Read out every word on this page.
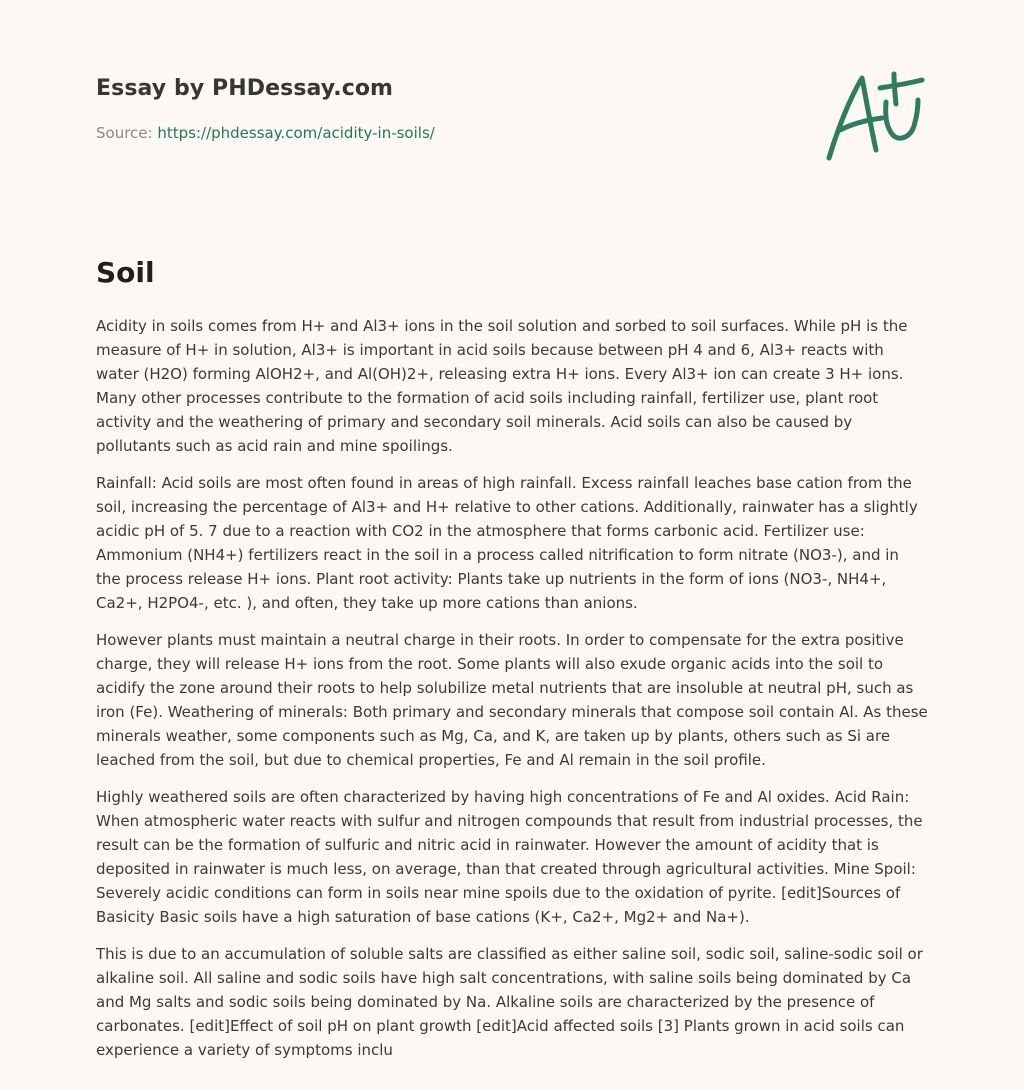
Essay by PHDessay.com
Source: https://phdessay.com/acidity-in-soils/
Soil

Acidity in soils comes from H+ and Al3+ ions in the soil solution and sorbed to soil surfaces. While pH is the measure of H+ in solution, Al3+ is important in acid soils because between pH 4 and 6, Al3+ reacts with water (H2O) forming AlOH2+, and Al(OH)2+, releasing extra H+ ions. Every Al3+ ion can create 3 H+ ions. Many other processes contribute to the formation of acid soils including rainfall, fertilizer use, plant root activity and the weathering of primary and secondary soil minerals. Acid soils can also be caused by pollutants such as acid rain and mine spoilings.

Rainfall: Acid soils are most often found in areas of high rainfall. Excess rainfall leaches base cation from the soil, increasing the percentage of Al3+ and H+ relative to other cations. Additionally, rainwater has a slightly acidic pH of 5. 7 due to a reaction with CO2 in the atmosphere that forms carbonic acid. Fertilizer use: Ammonium (NH4+) fertilizers react in the soil in a process called nitrification to form nitrate (NO3-), and in the process release H+ ions. Plant root activity: Plants take up nutrients in the form of ions (NO3-, NH4+, Ca2+, H2PO4-, etc. ), and often, they take up more cations than anions.

However plants must maintain a neutral charge in their roots. In order to compensate for the extra positive charge, they will release H+ ions from the root. Some plants will also exude organic acids into the soil to acidify the zone around their roots to help solubilize metal nutrients that are insoluble at neutral pH, such as iron (Fe). Weathering of minerals: Both primary and secondary minerals that compose soil contain Al. As these minerals weather, some components such as Mg, Ca, and K, are taken up by plants, others such as Si are leached from the soil, but due to chemical properties, Fe and Al remain in the soil profile.

Highly weathered soils are often characterized by having high concentrations of Fe and Al oxides. Acid Rain: When atmospheric water reacts with sulfur and nitrogen compounds that result from industrial processes, the result can be the formation of sulfuric and nitric acid in rainwater. However the amount of acidity that is deposited in rainwater is much less, on average, than that created through agricultural activities. Mine Spoil: Severely acidic conditions can form in soils near mine spoils due to the oxidation of pyrite. [edit]Sources of Basicity Basic soils have a high saturation of base cations (K+, Ca2+, Mg2+ and Na+).

This is due to an accumulation of soluble salts are classified as either saline soil, sodic soil, saline-sodic soil or alkaline soil. All saline and sodic soils have high salt concentrations, with saline soils being dominated by Ca and Mg salts and sodic soils being dominated by Na. Alkaline soils are characterized by the presence of carbonates. [edit]Effect of soil pH on plant growth [edit]Acid affected soils [3] Plants grown in acid soils can experience a variety of symptoms inclu
